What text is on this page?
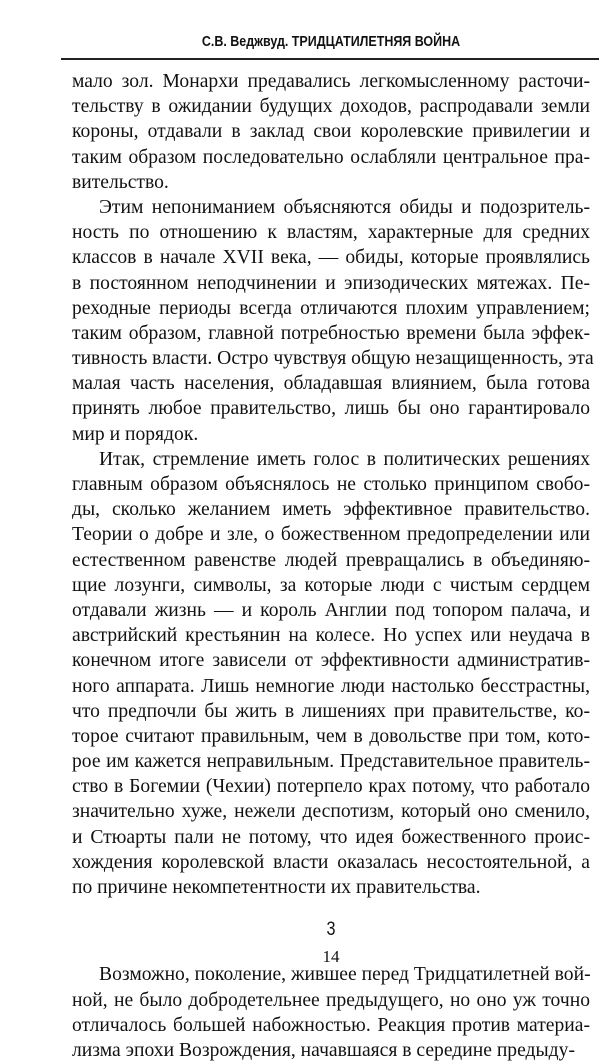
С.В. Веджвуд. ТРИДЦАТИЛЕТНЯЯ ВОЙНА
мало зол. Монархи предавались легкомысленному расточи-
тельству в ожидании будущих доходов, распродавали земли
короны, отдавали в заклад свои королевские привилегии и
таким образом последовательно ослабляли центральное пра-
вительство.
Этим непониманием объясняются обиды и подозритель-
ность по отношению к властям, характерные для средних
классов в начале XVII века, — обиды, которые проявлялись
в постоянном неподчинении и эпизодических мятежах. Пе-
реходные периоды всегда отличаются плохим управлением;
таким образом, главной потребностью времени была эффек-
тивность власти. Остро чувствуя общую незащищенность, эта
малая часть населения, обладавшая влиянием, была готова
принять любое правительство, лишь бы оно гарантировало
мир и порядок.
Итак, стремление иметь голос в политических решениях
главным образом объяснялось не столько принципом свобо-
ды, сколько желанием иметь эффективное правительство.
Теории о добре и зле, о божественном предопределении или
естественном равенстве людей превращались в объединяю-
щие лозунги, символы, за которые люди с чистым сердцем
отдавали жизнь — и король Англии под топором палача, и
австрийский крестьянин на колесе. Но успех или неудача в
конечном итоге зависели от эффективности административ-
ного аппарата. Лишь немногие люди настолько бесстрастны,
что предпочли бы жить в лишениях при правительстве, ко-
торое считают правильным, чем в довольстве при том, кото-
рое им кажется неправильным. Представительное правитель-
ство в Богемии (Чехии) потерпело крах потому, что работало
значительно хуже, нежели деспотизм, который оно сменило,
и Стюарты пали не потому, что идея божественного проис-
хождения королевской власти оказалась несостоятельной, а
по причине некомпетентности их правительства.
3
Возможно, поколение, жившее перед Тридцатилетней вой-
ной, не было добродетельнее предыдущего, но оно уж точно
отличалось большей набожностью. Реакция против материа-
лизма эпохи Возрождения, начавшаяся в середине предыду-
14
